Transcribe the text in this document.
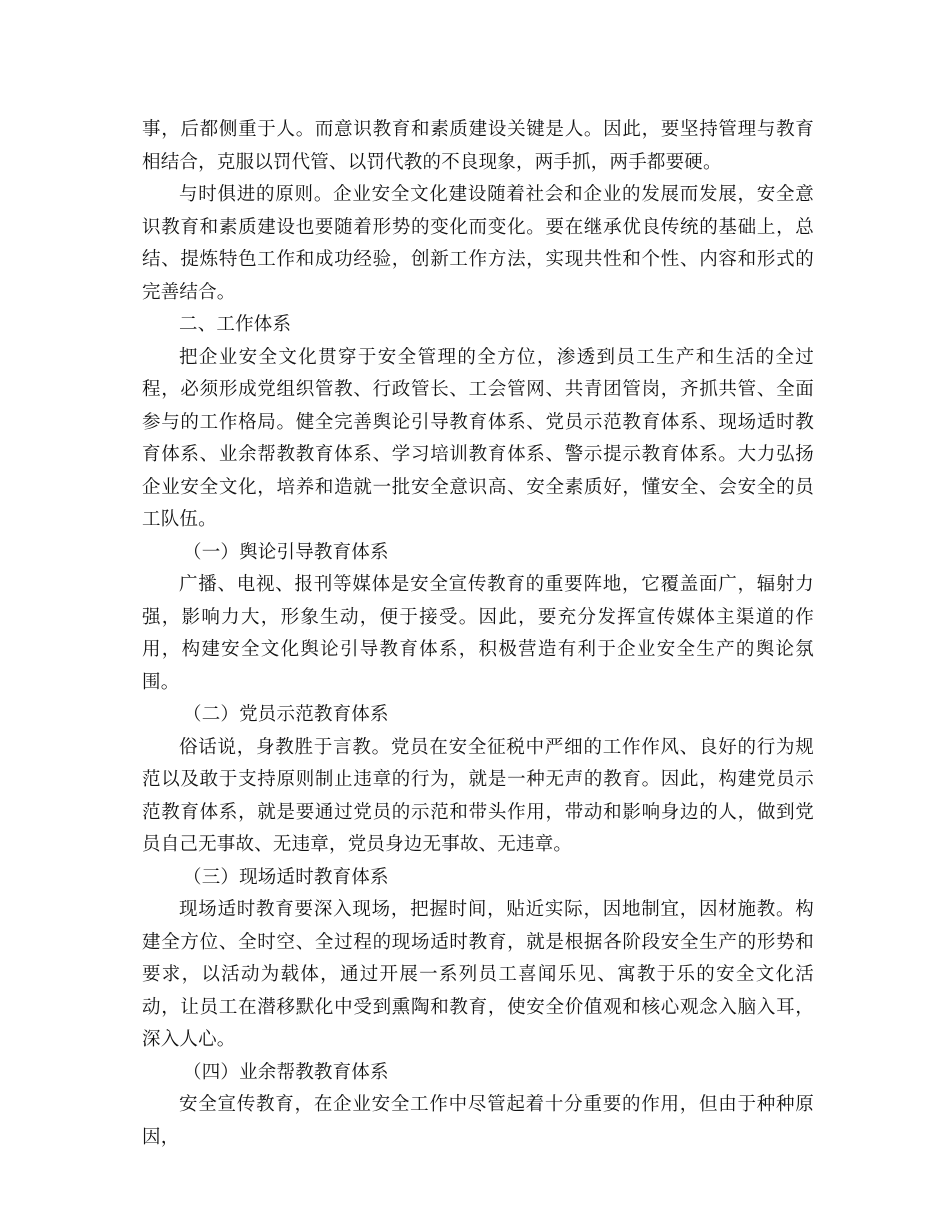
事，后都侧重于人。而意识教育和素质建设关键是人。因此，要坚持管理与教育相结合，克服以罚代管、以罚代教的不良现象，两手抓，两手都要硬。

与时俱进的原则。企业安全文化建设随着社会和企业的发展而发展，安全意识教育和素质建设也要随着形势的变化而变化。要在继承优良传统的基础上，总结、提炼特色工作和成功经验，创新工作方法，实现共性和个性、内容和形式的完善结合。

二、工作体系

把企业安全文化贯穿于安全管理的全方位，渗透到员工生产和生活的全过程，必须形成党组织管教、行政管长、工会管网、共青团管岗，齐抓共管、全面参与的工作格局。健全完善舆论引导教育体系、党员示范教育体系、现场适时教育体系、业余帮教教育体系、学习培训教育体系、警示提示教育体系。大力弘扬企业安全文化，培养和造就一批安全意识高、安全素质好，懂安全、会安全的员工队伍。

（一）舆论引导教育体系

广播、电视、报刊等媒体是安全宣传教育的重要阵地，它覆盖面广，辐射力强，影响力大，形象生动，便于接受。因此，要充分发挥宣传媒体主渠道的作用，构建安全文化舆论引导教育体系，积极营造有利于企业安全生产的舆论氛围。

（二）党员示范教育体系

俗话说，身教胜于言教。党员在安全征税中严细的工作作风、良好的行为规范以及敢于支持原则制止违章的行为，就是一种无声的教育。因此，构建党员示范教育体系，就是要通过党员的示范和带头作用，带动和影响身边的人，做到党员自己无事故、无违章，党员身边无事故、无违章。

（三）现场适时教育体系

现场适时教育要深入现场，把握时间，贴近实际，因地制宜，因材施教。构建全方位、全时空、全过程的现场适时教育，就是根据各阶段安全生产的形势和要求，以活动为载体，通过开展一系列员工喜闻乐见、寓教于乐的安全文化活动，让员工在潜移默化中受到熏陶和教育，使安全价值观和核心观念入脑入耳，深入人心。

（四）业余帮教教育体系

安全宣传教育，在企业安全工作中尽管起着十分重要的作用，但由于种种原因，
